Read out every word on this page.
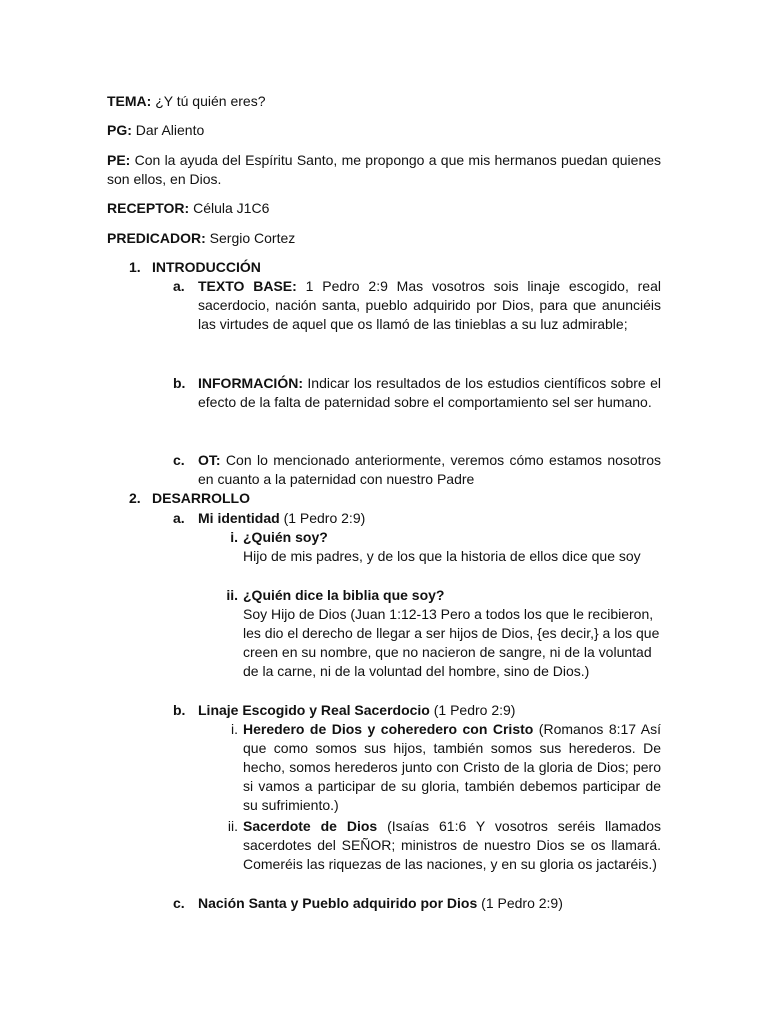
TEMA: ¿Y tú quién eres?

PG: Dar Aliento

PE: Con la ayuda del Espíritu Santo, me propongo a que mis hermanos puedan quienes son ellos, en Dios.

RECEPTOR: Célula J1C6

PREDICADOR: Sergio Cortez

1. INTRODUCCIÓN
a. TEXTO BASE: 1 Pedro 2:9 Mas vosotros sois linaje escogido, real sacerdocio, nación santa, pueblo adquirido por Dios, para que anunciéis las virtudes de aquel que os llamó de las tinieblas a su luz admirable;
b. INFORMACIÓN: Indicar los resultados de los estudios científicos sobre el efecto de la falta de paternidad sobre el comportamiento sel ser humano.
c. OT: Con lo mencionado anteriormente, veremos cómo estamos nosotros en cuanto a la paternidad con nuestro Padre
2. DESARROLLO
a. Mi identidad (1 Pedro 2:9)
i. ¿Quién soy?
Hijo de mis padres, y de los que la historia de ellos dice que soy
ii. ¿Quién dice la biblia que soy?
Soy Hijo de Dios (Juan 1:12-13 Pero a todos los que le recibieron, les dio el derecho de llegar a ser hijos de Dios, {es decir,} a los que creen en su nombre, que no nacieron de sangre, ni de la voluntad de la carne, ni de la voluntad del hombre, sino de Dios.)
b. Linaje Escogido y Real Sacerdocio (1 Pedro 2:9)
i. Heredero de Dios y coheredero con Cristo (Romanos 8:17 Así que como somos sus hijos, también somos sus herederos. De hecho, somos herederos junto con Cristo de la gloria de Dios; pero si vamos a participar de su gloria, también debemos participar de su sufrimiento.)
ii. Sacerdote de Dios (Isaías 61:6 Y vosotros seréis llamados sacerdotes del SEÑOR; ministros de nuestro Dios se os llamará. Comeréis las riquezas de las naciones, y en su gloria os jactaréis.)
c. Nación Santa y Pueblo adquirido por Dios (1 Pedro 2:9)
